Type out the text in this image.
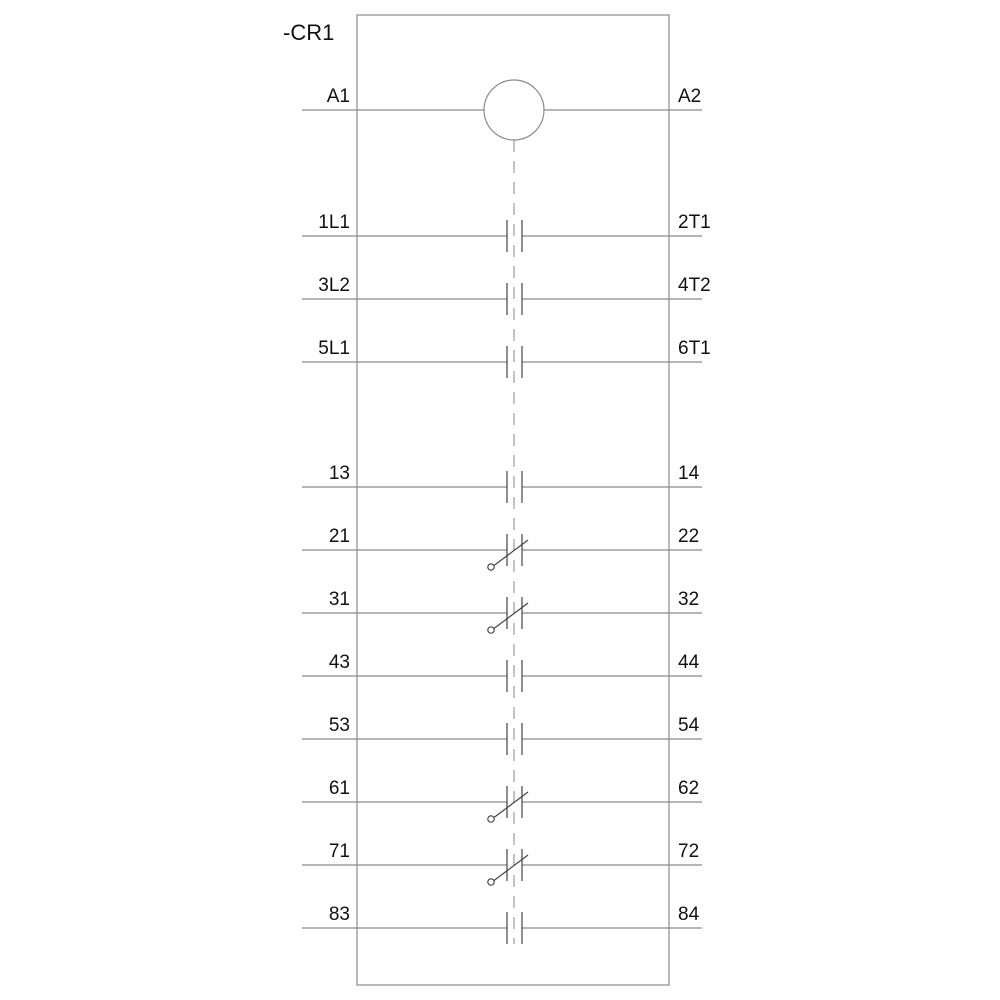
-CR1
A1	A2
1L1	2T1
3L2	4T2
5L1	6T1
13	14
21	22
31	32
43	44
53	54
61	62
71	72
83	84
